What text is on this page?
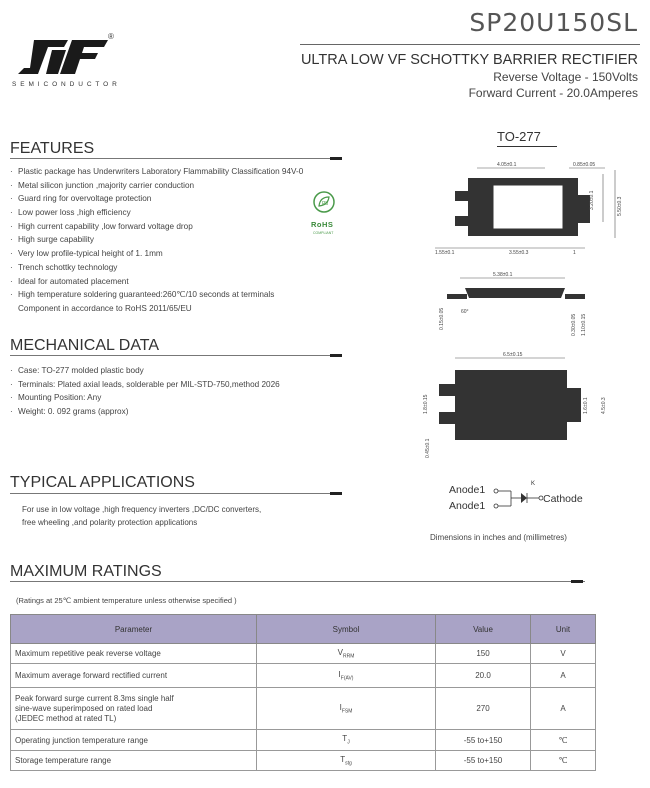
®
SEMICONDUCTOR
SP20U150SL
ULTRA LOW VF SCHOTTKY BARRIER RECTIFIER
Reverse Voltage - 150Volts
Forward Current - 20.0Amperes
FEATURES
· Plastic package has Underwriters Laboratory Flammability Classification 94V-0
· Metal silicon junction ,majority carrier conduction
· Guard ring for overvoltage protection
· Low power loss ,high efficiency
· High current capability ,low forward voltage drop
· High surge capability
· Very low profile-typical height of 1. 1mm
· Trench schottky technology
· Ideal for automated placement
· High temperature soldering guaranteed:260℃/10 seconds at terminals
Component in accordance to RoHS 2011/65/EU
Pb
RoHS
COMPLIANT
MECHANICAL DATA
· Case: TO-277 molded plastic body
· Terminals: Plated axial leads, solderable per MIL-STD-750,method 2026
· Mounting Position: Any
· Weight: 0. 092 grams (approx)
TYPICAL APPLICATIONS
For use in low voltage ,high frequency inverters ,DC/DC converters,
free wheeling ,and polarity protection applications
TO-277
4.05±0.1	0.85±0.05
3.20±0.1	5.50±0.3
1.55±0.1	3.55±0.3	1
5.38±0.1
0.15±0.05	60°
0.30±0.05 1.10±0.15
6.5±0.15
1.8±0.15	1.6±0.1 4.5±0.3
0.45±0.1
Anode1
Anode1
K
Cathode
Dimensions in inches and (millimetres)
MAXIMUM RATINGS
(Ratings at 25℃ ambient temperature unless otherwise specified )
Parameter	Symbol	Value	Unit
Maximum repetitive peak reverse voltage	$V_{RRM}$	150	V
Maximum average forward rectified current	$I_{F(AV)}$	20.0	A
Peak forward surge current 8.3ms single half
sine-wave superimposed on rated load
(JEDEC method at rated TL)	$I_{FSM}$	270	A
Operating junction temperature range	$T_J$	-55 to+150	℃
Storage temperature range	$T_{stg}$	-55 to+150	℃
